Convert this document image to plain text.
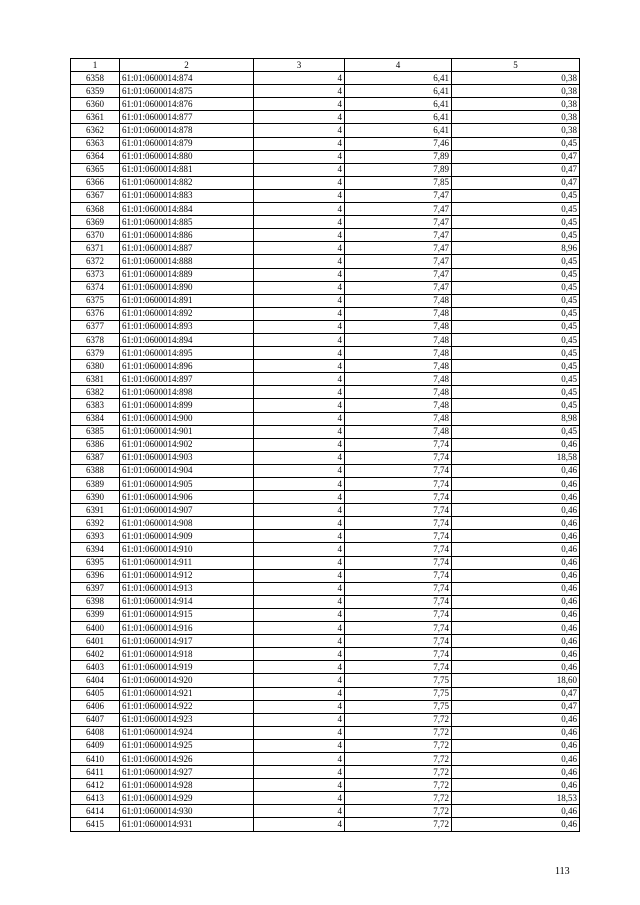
1	2	3	4	5
6358	61:01:0600014:874	4	6,41	0,38
6359	61:01:0600014:875	4	6,41	0,38
6360	61:01:0600014:876	4	6,41	0,38
6361	61:01:0600014:877	4	6,41	0,38
6362	61:01:0600014:878	4	6,41	0,38
6363	61:01:0600014:879	4	7,46	0,45
6364	61:01:0600014:880	4	7,89	0,47
6365	61:01:0600014:881	4	7,89	0,47
6366	61:01:0600014:882	4	7,85	0,47
6367	61:01:0600014:883	4	7,47	0,45
6368	61:01:0600014:884	4	7,47	0,45
6369	61:01:0600014:885	4	7,47	0,45
6370	61:01:0600014:886	4	7,47	0,45
6371	61:01:0600014:887	4	7,47	8,96
6372	61:01:0600014:888	4	7,47	0,45
6373	61:01:0600014:889	4	7,47	0,45
6374	61:01:0600014:890	4	7,47	0,45
6375	61:01:0600014:891	4	7,48	0,45
6376	61:01:0600014:892	4	7,48	0,45
6377	61:01:0600014:893	4	7,48	0,45
6378	61:01:0600014:894	4	7,48	0,45
6379	61:01:0600014:895	4	7,48	0,45
6380	61:01:0600014:896	4	7,48	0,45
6381	61:01:0600014:897	4	7,48	0,45
6382	61:01:0600014:898	4	7,48	0,45
6383	61:01:0600014:899	4	7,48	0,45
6384	61:01:0600014:900	4	7,48	8,98
6385	61:01:0600014:901	4	7,48	0,45
6386	61:01:0600014:902	4	7,74	0,46
6387	61:01:0600014:903	4	7,74	18,58
6388	61:01:0600014:904	4	7,74	0,46
6389	61:01:0600014:905	4	7,74	0,46
6390	61:01:0600014:906	4	7,74	0,46
6391	61:01:0600014:907	4	7,74	0,46
6392	61:01:0600014:908	4	7,74	0,46
6393	61:01:0600014:909	4	7,74	0,46
6394	61:01:0600014:910	4	7,74	0,46
6395	61:01:0600014:911	4	7,74	0,46
6396	61:01:0600014:912	4	7,74	0,46
6397	61:01:0600014:913	4	7,74	0,46
6398	61:01:0600014:914	4	7,74	0,46
6399	61:01:0600014:915	4	7,74	0,46
6400	61:01:0600014:916	4	7,74	0,46
6401	61:01:0600014:917	4	7,74	0,46
6402	61:01:0600014:918	4	7,74	0,46
6403	61:01:0600014:919	4	7,74	0,46
6404	61:01:0600014:920	4	7,75	18,60
6405	61:01:0600014:921	4	7,75	0,47
6406	61:01:0600014:922	4	7,75	0,47
6407	61:01:0600014:923	4	7,72	0,46
6408	61:01:0600014:924	4	7,72	0,46
6409	61:01:0600014:925	4	7,72	0,46
6410	61:01:0600014:926	4	7,72	0,46
6411	61:01:0600014:927	4	7,72	0,46
6412	61:01:0600014:928	4	7,72	0,46
6413	61:01:0600014:929	4	7,72	18,53
6414	61:01:0600014:930	4	7,72	0,46
6415	61:01:0600014:931	4	7,72	0,46
113
